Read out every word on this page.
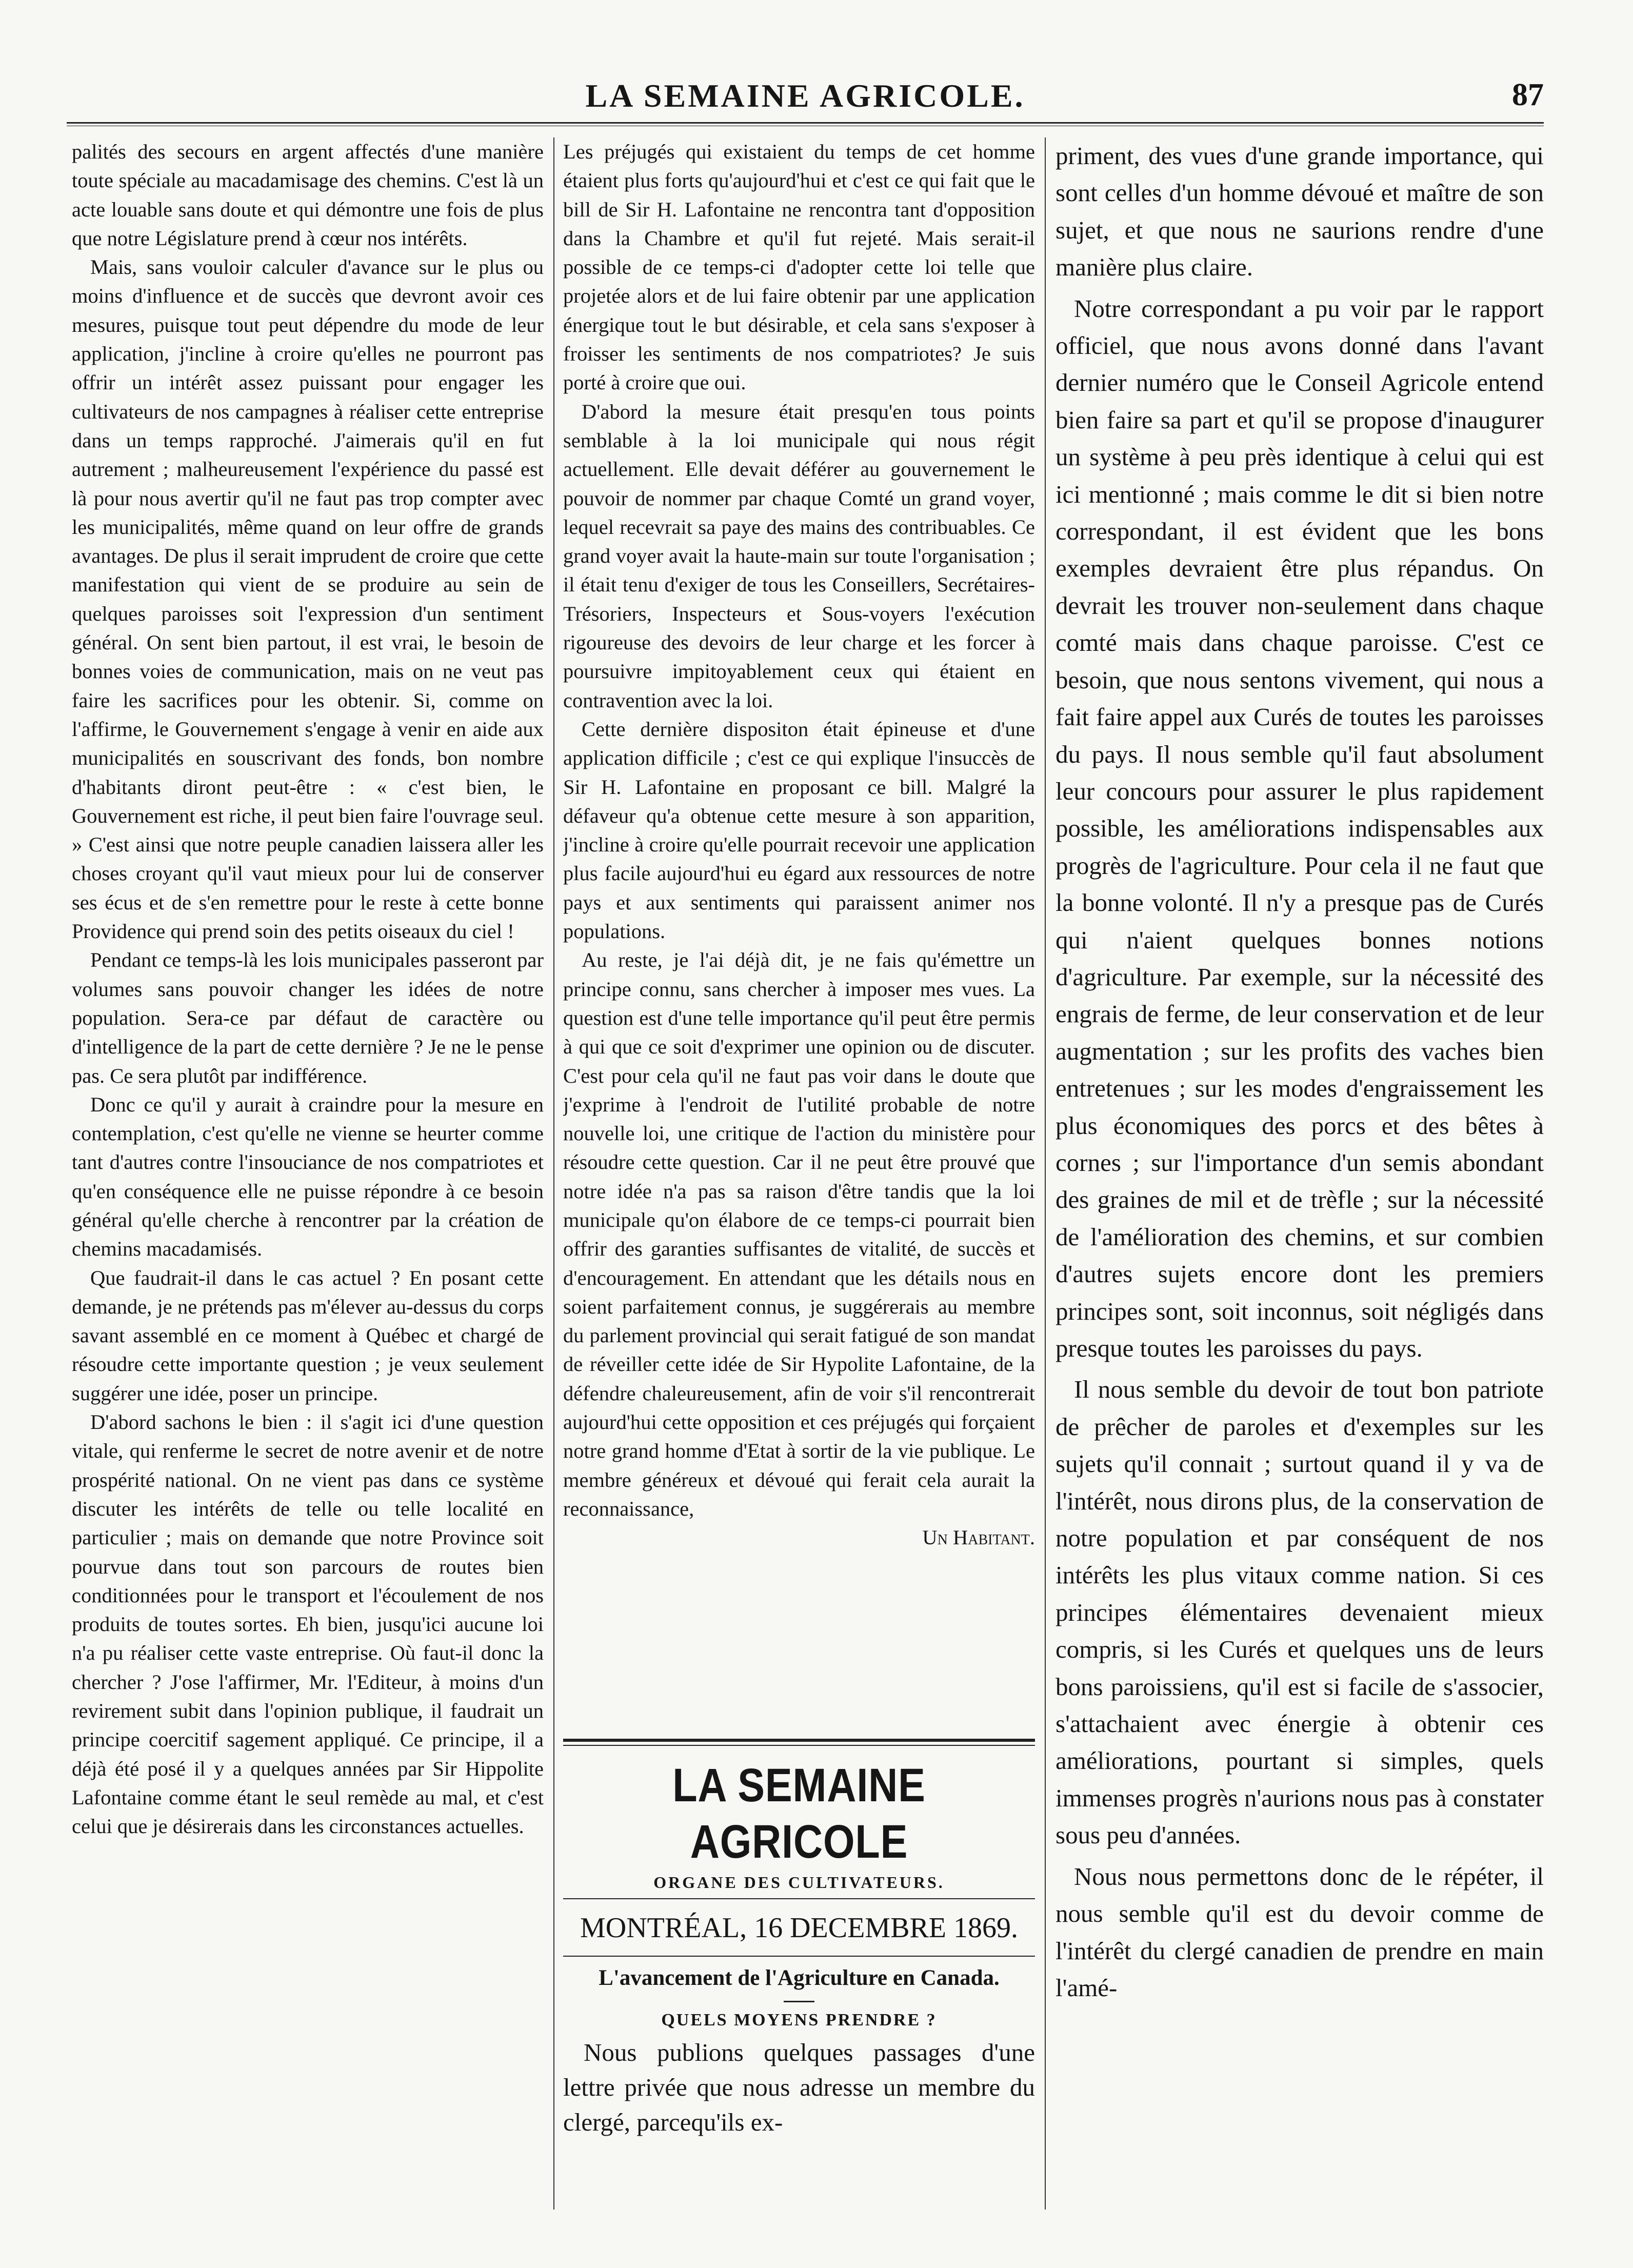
LA SEMAINE AGRICOLE.	87

palités des secours en argent affectés d'une manière toute spéciale au macadamisage des chemins. C'est là un acte louable sans doute et qui démontre une fois de plus que notre Législature prend à cœur nos intérêts.

Mais, sans vouloir calculer d'avance sur le plus ou moins d'influence et de succès que devront avoir ces mesures, puisque tout peut dépendre du mode de leur application, j'incline à croire qu'elles ne pourront pas offrir un intérêt assez puissant pour engager les cultivateurs de nos campagnes à réaliser cette entreprise dans un temps rapproché. J'aimerais qu'il en fut autrement ; malheureusement l'expérience du passé est là pour nous avertir qu'il ne faut pas trop compter avec les municipalités, même quand on leur offre de grands avantages. De plus il serait imprudent de croire que cette manifestation qui vient de se produire au sein de quelques paroisses soit l'expression d'un sentiment général. On sent bien partout, il est vrai, le besoin de bonnes voies de communication, mais on ne veut pas faire les sacrifices pour les obtenir. Si, comme on l'affirme, le Gouvernement s'engage à venir en aide aux municipalités en souscrivant des fonds, bon nombre d'habitants diront peut-être : « c'est bien, le Gouvernement est riche, il peut bien faire l'ouvrage seul. » C'est ainsi que notre peuple canadien laissera aller les choses croyant qu'il vaut mieux pour lui de conserver ses écus et de s'en remettre pour le reste à cette bonne Providence qui prend soin des petits oiseaux du ciel !

Pendant ce temps-là les lois municipales passeront par volumes sans pouvoir changer les idées de notre population. Sera-ce par défaut de caractère ou d'intelligence de la part de cette dernière ? Je ne le pense pas. Ce sera plutôt par indifférence.

Donc ce qu'il y aurait à craindre pour la mesure en contemplation, c'est qu'elle ne vienne se heurter comme tant d'autres contre l'insouciance de nos compatriotes et qu'en conséquence elle ne puisse répondre à ce besoin général qu'elle cherche à rencontrer par la création de chemins macadamisés.

Que faudrait-il dans le cas actuel ? En posant cette demande, je ne prétends pas m'élever au-dessus du corps savant assemblé en ce moment à Québec et chargé de résoudre cette importante question ; je veux seulement suggérer une idée, poser un principe.

D'abord sachons le bien : il s'agit ici d'une question vitale, qui renferme le secret de notre avenir et de notre prospérité national. On ne vient pas dans ce système discuter les intérêts de telle ou telle localité en particulier ; mais on demande que notre Province soit pourvue dans tout son parcours de routes bien conditionnées pour le transport et l'écoulement de nos produits de toutes sortes. Eh bien, jusqu'ici aucune loi n'a pu réaliser cette vaste entreprise. Où faut-il donc la chercher ? J'ose l'affirmer, Mr. l'Editeur, à moins d'un revirement subit dans l'opinion publique, il faudrait un principe coercitif sagement appliqué. Ce principe, il a déjà été posé il y a quelques années par Sir Hippolite Lafontaine comme étant le seul remède au mal, et c'est celui que je désirerais dans les circonstances actuelles.

Les préjugés qui existaient du temps de cet homme étaient plus forts qu'aujourd'hui et c'est ce qui fait que le bill de Sir H. Lafontaine ne rencontra tant d'opposition dans la Chambre et qu'il fut rejeté. Mais serait-il possible de ce temps-ci d'adopter cette loi telle que projetée alors et de lui faire obtenir par une application énergique tout le but désirable, et cela sans s'exposer à froisser les sentiments de nos compatriotes? Je suis porté à croire que oui.

D'abord la mesure était presqu'en tous points semblable à la loi municipale qui nous régit actuellement. Elle devait déférer au gouvernement le pouvoir de nommer par chaque Comté un grand voyer, lequel recevrait sa paye des mains des contribuables. Ce grand voyer avait la haute-main sur toute l'organisation ; il était tenu d'exiger de tous les Conseillers, Secrétaires-Trésoriers, Inspecteurs et Sous-voyers l'exécution rigoureuse des devoirs de leur charge et les forcer à poursuivre impitoyablement ceux qui étaient en contravention avec la loi.

Cette dernière dispositon était épineuse et d'une application difficile ; c'est ce qui explique l'insuccès de Sir H. Lafontaine en proposant ce bill. Malgré la défaveur qu'a obtenue cette mesure à son apparition, j'incline à croire qu'elle pourrait recevoir une application plus facile aujourd'hui eu égard aux ressources de notre pays et aux sentiments qui paraissent animer nos populations.

Au reste, je l'ai déjà dit, je ne fais qu'émettre un principe connu, sans chercher à imposer mes vues. La question est d'une telle importance qu'il peut être permis à qui que ce soit d'exprimer une opinion ou de discuter. C'est pour cela qu'il ne faut pas voir dans le doute que j'exprime à l'endroit de l'utilité probable de notre nouvelle loi, une critique de l'action du ministère pour résoudre cette question. Car il ne peut être prouvé que notre idée n'a pas sa raison d'être tandis que la loi municipale qu'on élabore de ce temps-ci pourrait bien offrir des garanties suffisantes de vitalité, de succès et d'encouragement. En attendant que les détails nous en soient parfaitement connus, je suggérerais au membre du parlement provincial qui serait fatigué de son mandat de réveiller cette idée de Sir Hypolite Lafontaine, de la défendre chaleureusement, afin de voir s'il rencontrerait aujourd'hui cette opposition et ces préjugés qui forçaient notre grand homme d'Etat à sortir de la vie publique. Le membre généreux et dévoué qui ferait cela aurait la reconnaissance,

Un Habitant.

LA SEMAINE AGRICOLE
ORGANE DES CULTIVATEURS.
MONTRÉAL, 16 DECEMBRE 1869.
L'avancement de l'Agriculture en Canada.
QUELS MOYENS PRENDRE ?
Nous publions quelques passages d'une lettre privée que nous adresse un membre du clergé, parcequ'ils ex-

priment, des vues d'une grande importance, qui sont celles d'un homme dévoué et maître de son sujet, et que nous ne saurions rendre d'une manière plus claire.

Notre correspondant a pu voir par le rapport officiel, que nous avons donné dans l'avant dernier numéro que le Conseil Agricole entend bien faire sa part et qu'il se propose d'inaugurer un système à peu près identique à celui qui est ici mentionné ; mais comme le dit si bien notre correspondant, il est évident que les bons exemples devraient être plus répandus. On devrait les trouver non-seulement dans chaque comté mais dans chaque paroisse. C'est ce besoin, que nous sentons vivement, qui nous a fait faire appel aux Curés de toutes les paroisses du pays. Il nous semble qu'il faut absolument leur concours pour assurer le plus rapidement possible, les améliorations indispensables aux progrès de l'agriculture. Pour cela il ne faut que la bonne volonté. Il n'y a presque pas de Curés qui n'aient quelques bonnes notions d'agriculture. Par exemple, sur la nécessité des engrais de ferme, de leur conservation et de leur augmentation ; sur les profits des vaches bien entretenues ; sur les modes d'engraissement les plus économiques des porcs et des bêtes à cornes ; sur l'importance d'un semis abondant des graines de mil et de trèfle ; sur la nécessité de l'amélioration des chemins, et sur combien d'autres sujets encore dont les premiers principes sont, soit inconnus, soit négligés dans presque toutes les paroisses du pays.

Il nous semble du devoir de tout bon patriote de prêcher de paroles et d'exemples sur les sujets qu'il connait ; surtout quand il y va de l'intérêt, nous dirons plus, de la conservation de notre population et par conséquent de nos intérêts les plus vitaux comme nation. Si ces principes élémentaires devenaient mieux compris, si les Curés et quelques uns de leurs bons paroissiens, qu'il est si facile de s'associer, s'attachaient avec énergie à obtenir ces améliorations, pourtant si simples, quels immenses progrès n'aurions nous pas à constater sous peu d'années.

Nous nous permettons donc de le répéter, il nous semble qu'il est du devoir comme de l'intérêt du clergé canadien de prendre en main l'amé-
